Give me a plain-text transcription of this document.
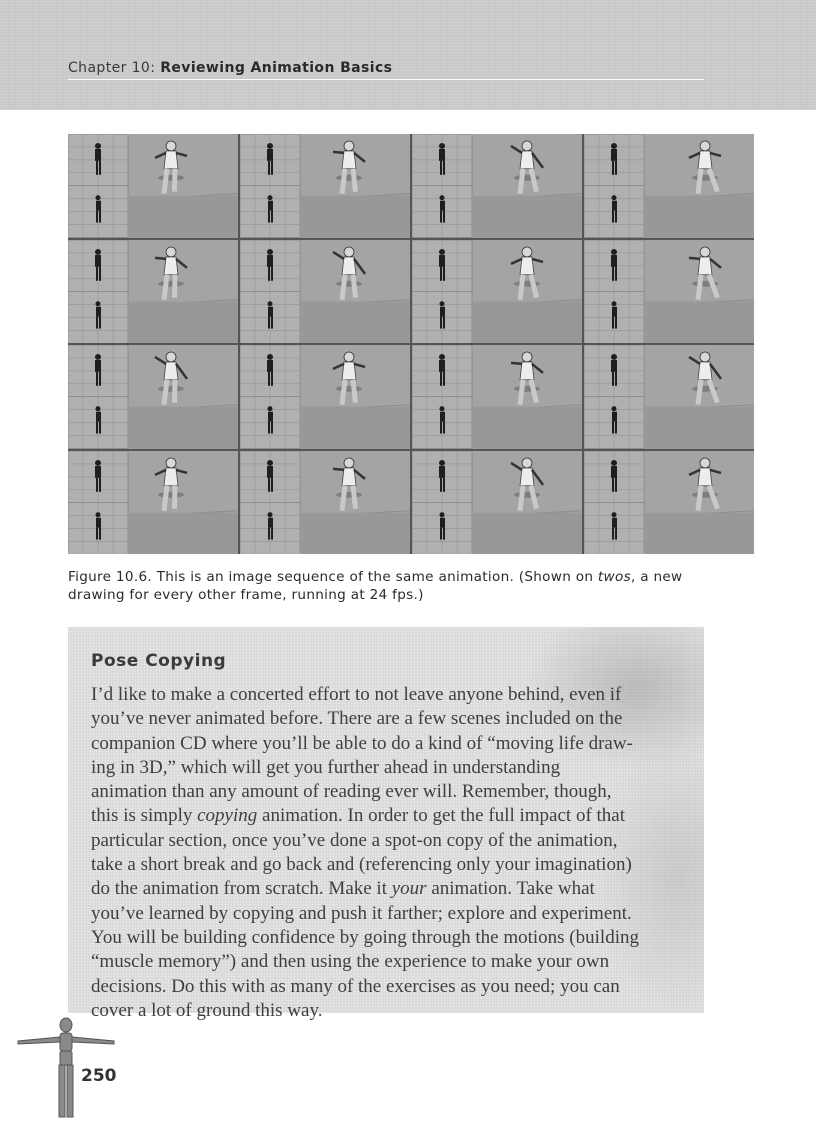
Chapter 10: Reviewing Animation Basics
Figure 10.6. This is an image sequence of the same animation. (Shown on twos, a new
drawing for every other frame, running at 24 fps.)
Pose Copying
I’d like to make a concerted effort to not leave anyone behind, even if
you’ve never animated before. There are a few scenes included on the
companion CD where you’ll be able to do a kind of “moving life draw-
ing in 3D,” which will get you further ahead in understanding
animation than any amount of reading ever will. Remember, though,
this is simply copying animation. In order to get the full impact of that
particular section, once you’ve done a spot-on copy of the animation,
take a short break and go back and (referencing only your imagination)
do the animation from scratch. Make it your animation. Take what
you’ve learned by copying and push it farther; explore and experiment.
You will be building confidence by going through the motions (building
“muscle memory”) and then using the experience to make your own
decisions. Do this with as many of the exercises as you need; you can
cover a lot of ground this way.
250
